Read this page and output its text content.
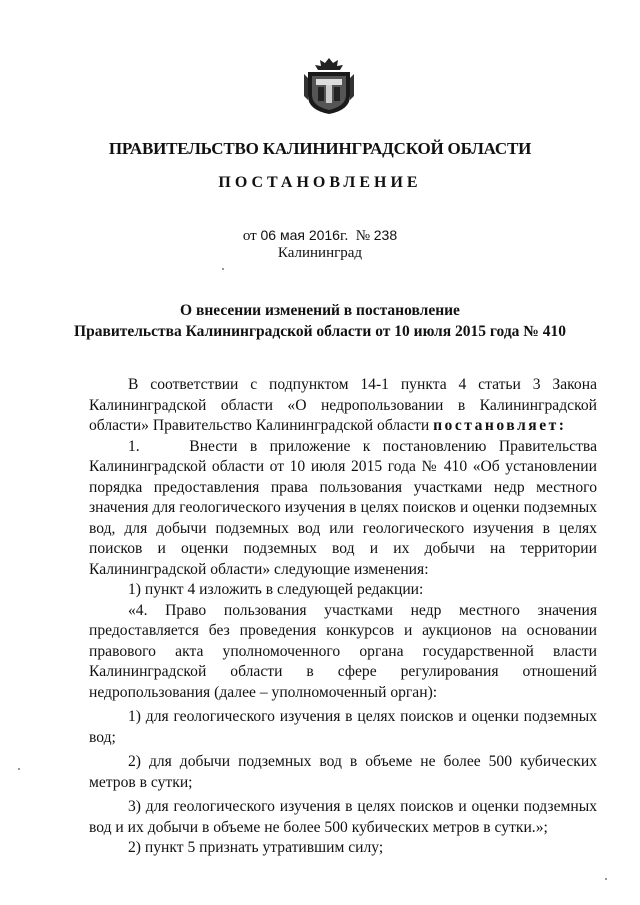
ПРАВИТЕЛЬСТВО КАЛИНИНГРАДСКОЙ ОБЛАСТИ
ПОСТАНОВЛЕНИЕ
от 06 мая 2016г. № 238
Калининград
О внесении изменений в постановление
Правительства Калининградской области от 10 июля 2015 года № 410

В соответствии с подпунктом 14-1 пункта 4 статьи 3 Закона Калининградской области «О недропользовании в Калининградской области» Правительство Калининградской области постановляет:

1.    Внести в приложение к постановлению Правительства Калининградской области от 10 июля 2015 года № 410 «Об установлении порядка предоставления права пользования участками недр местного значения для геологического изучения в целях поисков и оценки подземных вод, для добычи подземных вод или геологического изучения в целях поисков и оценки подземных вод и их добычи на территории Калининградской области» следующие изменения:

1) пункт 4 изложить в следующей редакции:

«4. Право пользования участками недр местного значения предоставляется без проведения конкурсов и аукционов на основании правового акта уполномоченного органа государственной власти Калининградской области в сфере регулирования отношений недропользования (далее – уполномоченный орган):

1) для геологического изучения в целях поисков и оценки подземных вод;

2) для добычи подземных вод в объеме не более 500 кубических метров в сутки;

3) для геологического изучения в целях поисков и оценки подземных вод и их добычи в объеме не более 500 кубических метров в сутки.»;

2) пункт 5 признать утратившим силу;
